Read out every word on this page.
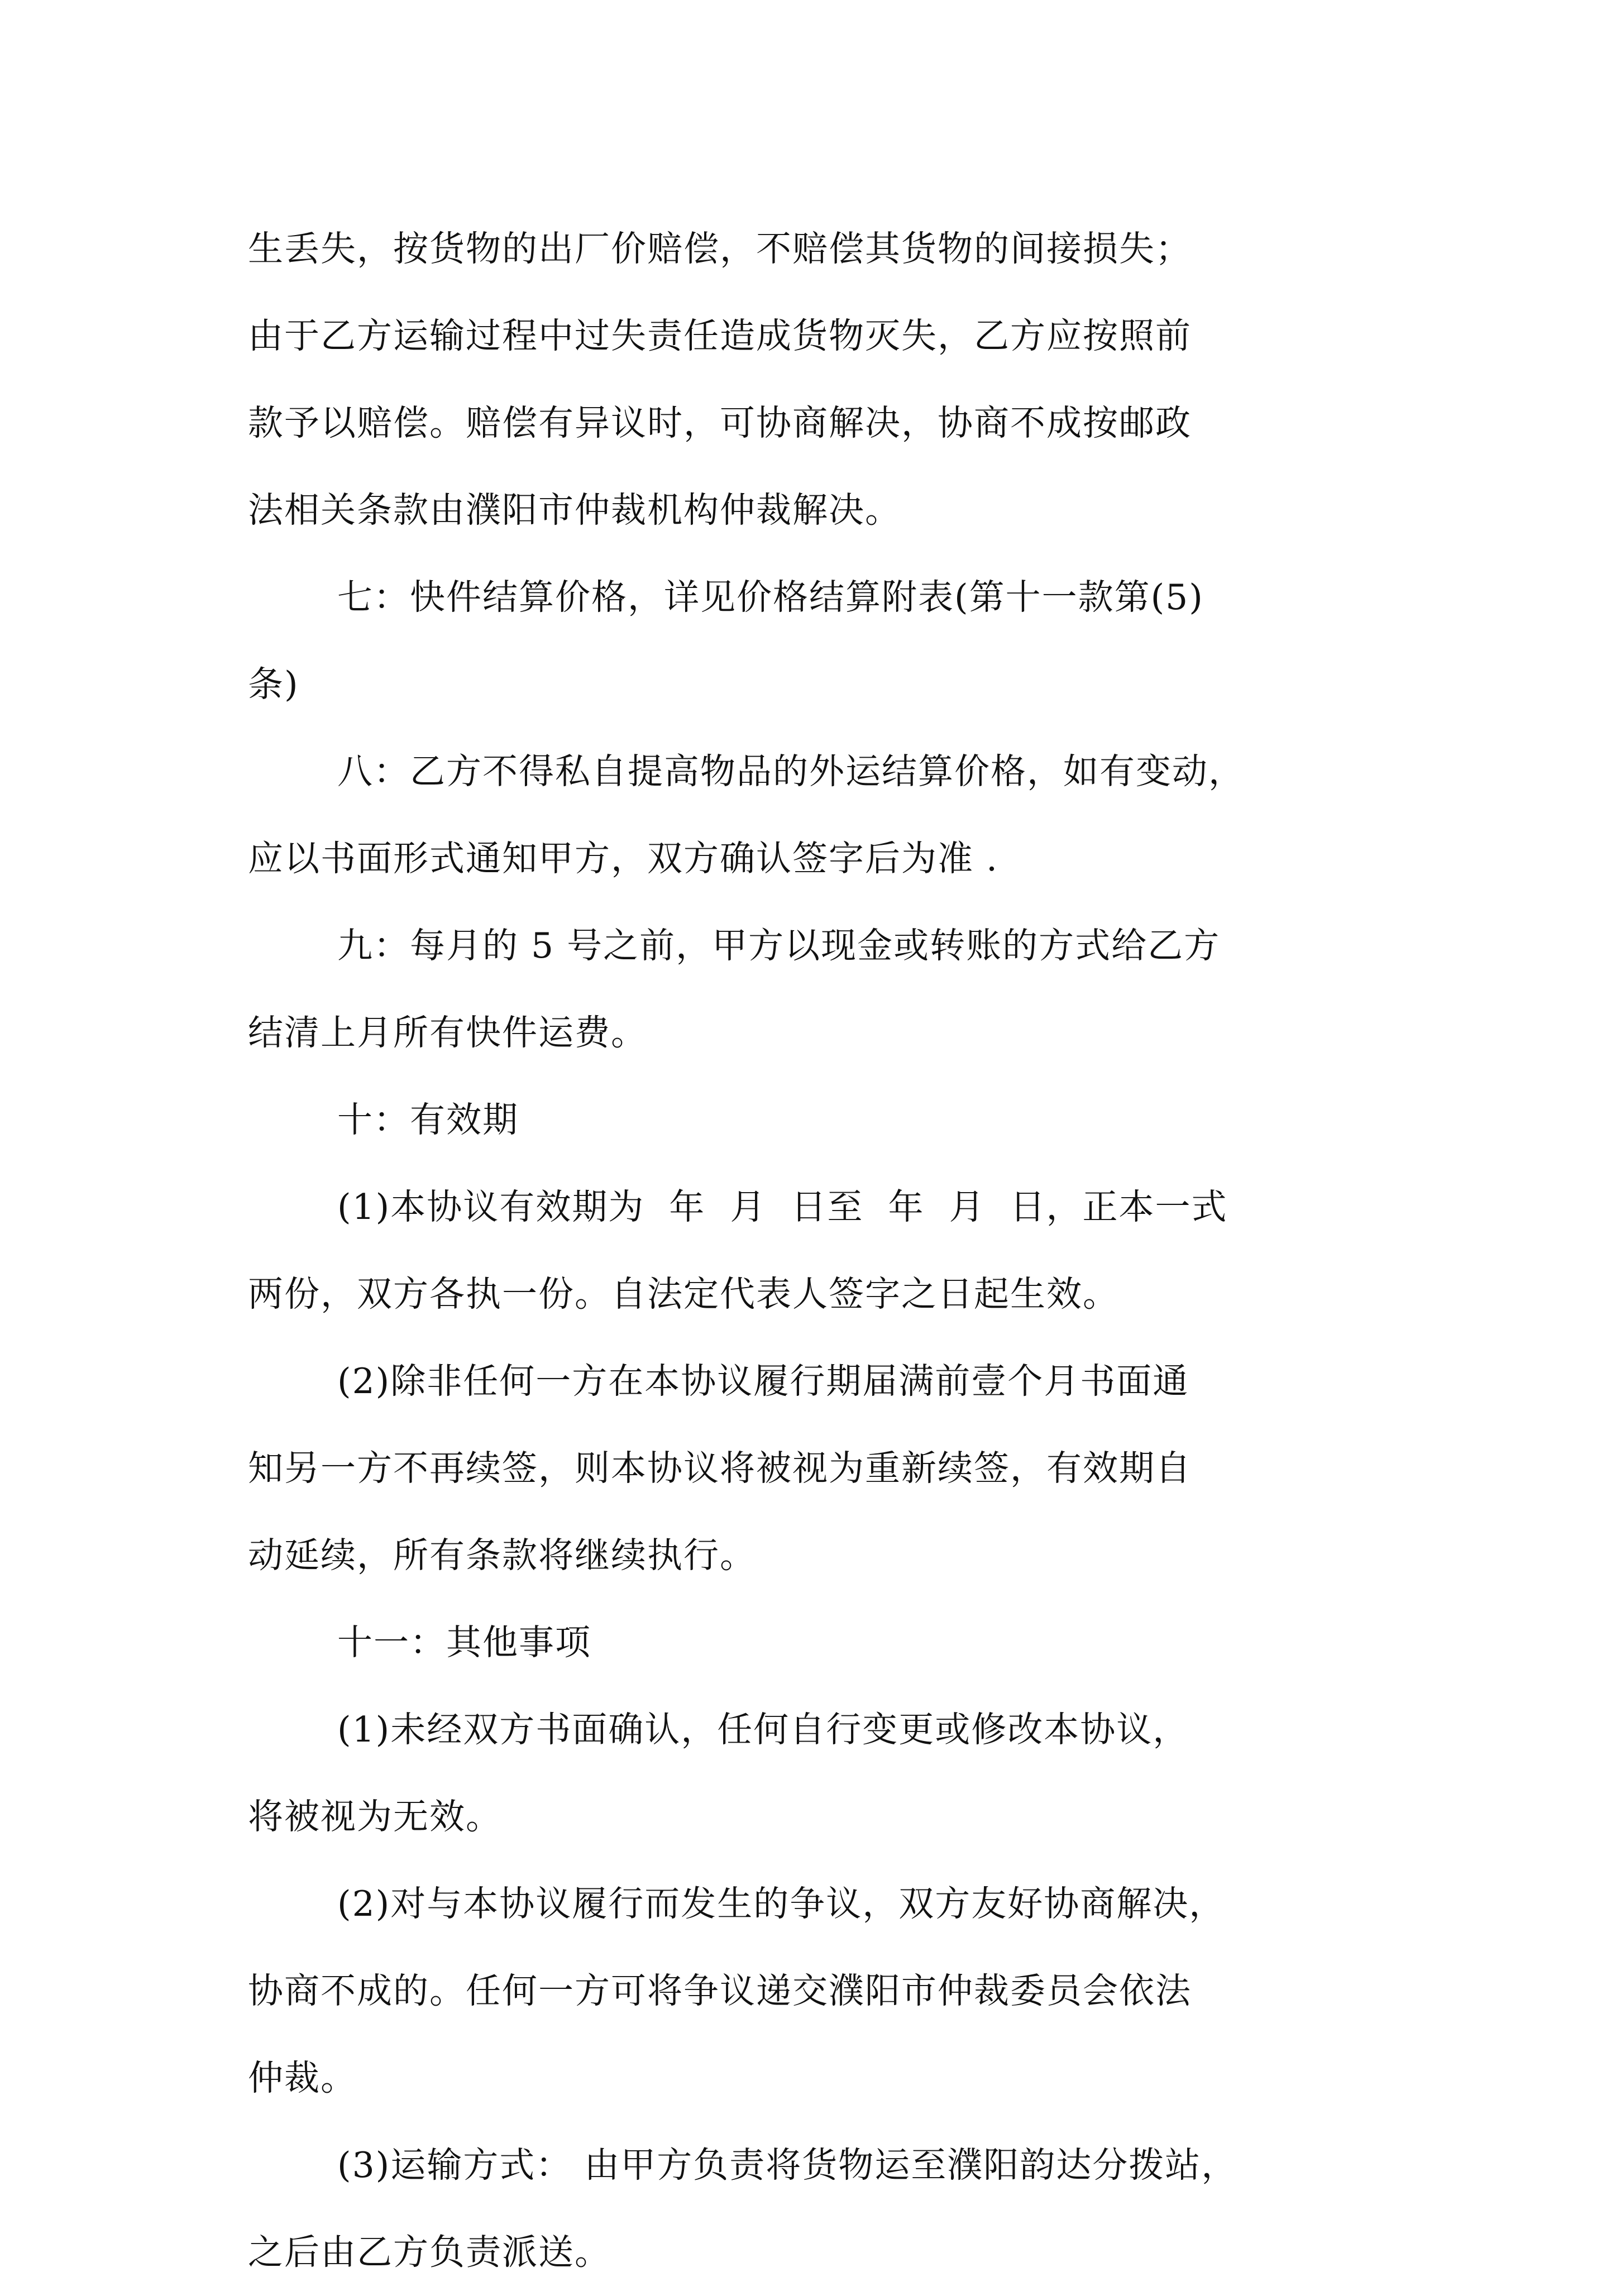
生丢失，按货物的出厂价赔偿，不赔偿其货物的间接损失；
由于乙方运输过程中过失责任造成货物灭失，乙方应按照前
款予以赔偿。赔偿有异议时，可协商解决，协商不成按邮政
法相关条款由濮阳市仲裁机构仲裁解决。
七：快件结算价格，详见价格结算附表(第十一款第(5)
条)
八：乙方不得私自提高物品的外运结算价格，如有变动，
应以书面形式通知甲方，双方确认签字后为准 .
九：每月的 5 号之前，甲方以现金或转账的方式给乙方
结清上月所有快件运费。
十：有效期
(1)本协议有效期为  年  月  日至  年  月  日，正本一式
两份，双方各执一份。自法定代表人签字之日起生效。
(2)除非任何一方在本协议履行期届满前壹个月书面通
知另一方不再续签，则本协议将被视为重新续签，有效期自
动延续，所有条款将继续执行。
十一：其他事项
(1)未经双方书面确认，任何自行变更或修改本协议，
将被视为无效。
(2)对与本协议履行而发生的争议，双方友好协商解决，
协商不成的。任何一方可将争议递交濮阳市仲裁委员会依法
仲裁。
(3)运输方式： 由甲方负责将货物运至濮阳韵达分拨站，
之后由乙方负责派送。
